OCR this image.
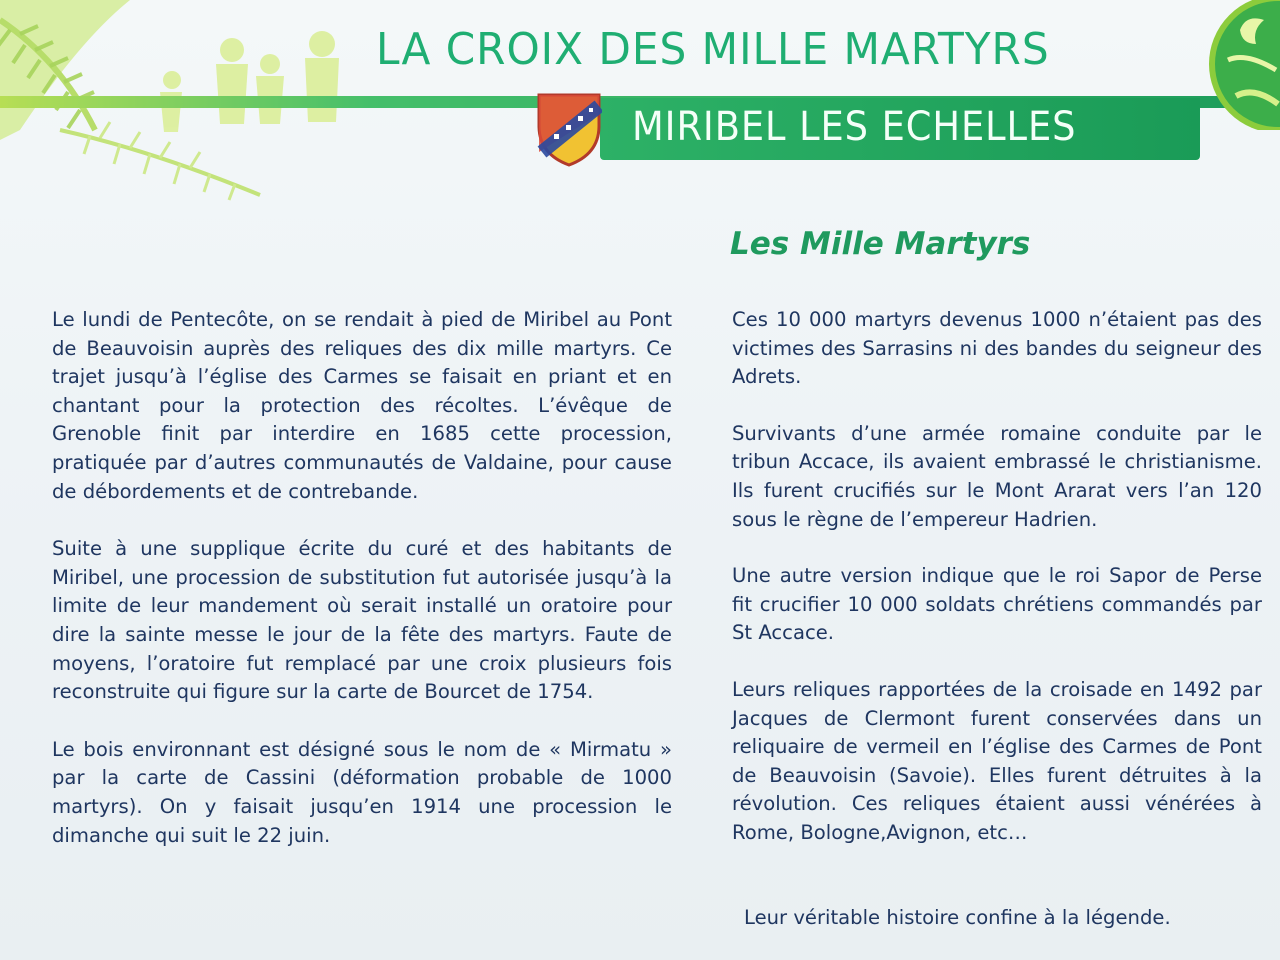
LA CROIX DES MILLE MARTYRS
MIRIBEL LES ECHELLES
Les Mille Martyrs

Le lundi de Pentecôte, on se rendait à pied de Miribel au Pont de Beauvoisin auprès des reliques des dix mille martyrs. Ce trajet jusqu’à l’église des Carmes se faisait en priant et en chantant pour la protection des récoltes. L’évêque de Grenoble finit par interdire en 1685 cette procession, pratiquée par d’autres communautés de Valdaine, pour cause de débordements et de contrebande.

Suite à une supplique écrite du curé et des habitants de Miribel, une procession de substitution fut autorisée jusqu’à la limite de leur mandement où serait installé un oratoire pour dire la sainte messe le jour de la fête des martyrs. Faute de moyens, l’oratoire fut remplacé par une croix plusieurs fois reconstruite qui figure sur la carte de Bourcet de 1754.

Le bois environnant est désigné sous le nom de « Mirmatu » par la carte de Cassini (déformation probable de 1000 martyrs). On y faisait jusqu’en 1914 une procession le dimanche qui suit le 22 juin.

Ces 10 000 martyrs devenus 1000 n’étaient pas des victimes des Sarrasins ni des bandes du seigneur des Adrets.

Survivants d’une armée romaine conduite par le tribun Accace, ils avaient embrassé le christianisme. Ils furent crucifiés sur le Mont Ararat vers l’an 120 sous le règne de l’empereur Hadrien.

Une autre version indique que le roi Sapor de Perse fit crucifier 10 000 soldats chrétiens commandés par St Accace.

Leurs reliques rapportées de la croisade en 1492 par Jacques de Clermont furent conservées dans un reliquaire de vermeil en l’église des Carmes de Pont de Beauvoisin (Savoie). Elles furent détruites à la révolution. Ces reliques étaient aussi vénérées à Rome, Bologne,Avignon, etc…

Leur véritable histoire confine à la légende.
